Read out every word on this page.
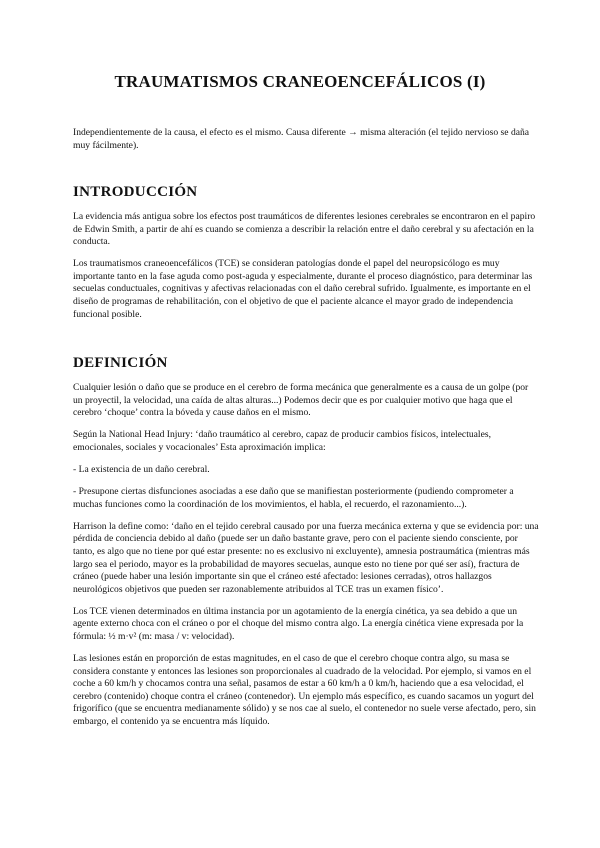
TRAUMATISMOS CRANEOENCEFÁLICOS (I)

Independientemente de la causa, el efecto es el mismo. Causa diferente → misma alteración (el tejido nervioso se daña muy fácilmente).

INTRODUCCIÓN

La evidencia más antigua sobre los efectos post traumáticos de diferentes lesiones cerebrales se encontraron en el papiro de Edwin Smith, a partir de ahí es cuando se comienza a describir la relación entre el daño cerebral y su afectación en la conducta.

Los traumatismos craneoencefálicos (TCE) se consideran patologías donde el papel del neuropsicólogo es muy importante tanto en la fase aguda como post-aguda y especialmente, durante el proceso diagnóstico, para determinar las secuelas conductuales, cognitivas y afectivas relacionadas con el daño cerebral sufrido. Igualmente, es importante en el diseño de programas de rehabilitación, con el objetivo de que el paciente alcance el mayor grado de independencia funcional posible.

DEFINICIÓN

Cualquier lesión o daño que se produce en el cerebro de forma mecánica que generalmente es a causa de un golpe (por un proyectil, la velocidad, una caída de altas alturas...) Podemos decir que es por cualquier motivo que haga que el cerebro ‘choque’ contra la bóveda y cause daños en el mismo.

Según la National Head Injury: ‘daño traumático al cerebro, capaz de producir cambios físicos, intelectuales, emocionales, sociales y vocacionales’ Esta aproximación implica:

- La existencia de un daño cerebral.

- Presupone ciertas disfunciones asociadas a ese daño que se manifiestan posteriormente (pudiendo comprometer a muchas funciones como la coordinación de los movimientos, el habla, el recuerdo, el razonamiento...).

Harrison la define como: ‘daño en el tejido cerebral causado por una fuerza mecánica externa y que se evidencia por: una pérdida de conciencia debido al daño (puede ser un daño bastante grave, pero con el paciente siendo consciente, por tanto, es algo que no tiene por qué estar presente: no es exclusivo ni excluyente), amnesia postraumática (mientras más largo sea el periodo, mayor es la probabilidad de mayores secuelas, aunque esto no tiene por qué ser así), fractura de cráneo (puede haber una lesión importante sin que el cráneo esté afectado: lesiones cerradas), otros hallazgos neurológicos objetivos que pueden ser razonablemente atribuidos al TCE tras un examen físico’.

Los TCE vienen determinados en última instancia por un agotamiento de la energía cinética, ya sea debido a que un agente externo choca con el cráneo o por el choque del mismo contra algo. La energía cinética viene expresada por la fórmula: ½ m·v² (m: masa / v: velocidad).

Las lesiones están en proporción de estas magnitudes, en el caso de que el cerebro choque contra algo, su masa se considera constante y entonces las lesiones son proporcionales al cuadrado de la velocidad. Por ejemplo, si vamos en el coche a 60 km/h y chocamos contra una señal, pasamos de estar a 60 km/h a 0 km/h, haciendo que a esa velocidad, el cerebro (contenido) choque contra el cráneo (contenedor). Un ejemplo más específico, es cuando sacamos un yogurt del frigorífico (que se encuentra medianamente sólido) y se nos cae al suelo, el contenedor no suele verse afectado, pero, sin embargo, el contenido ya se encuentra más líquido.
